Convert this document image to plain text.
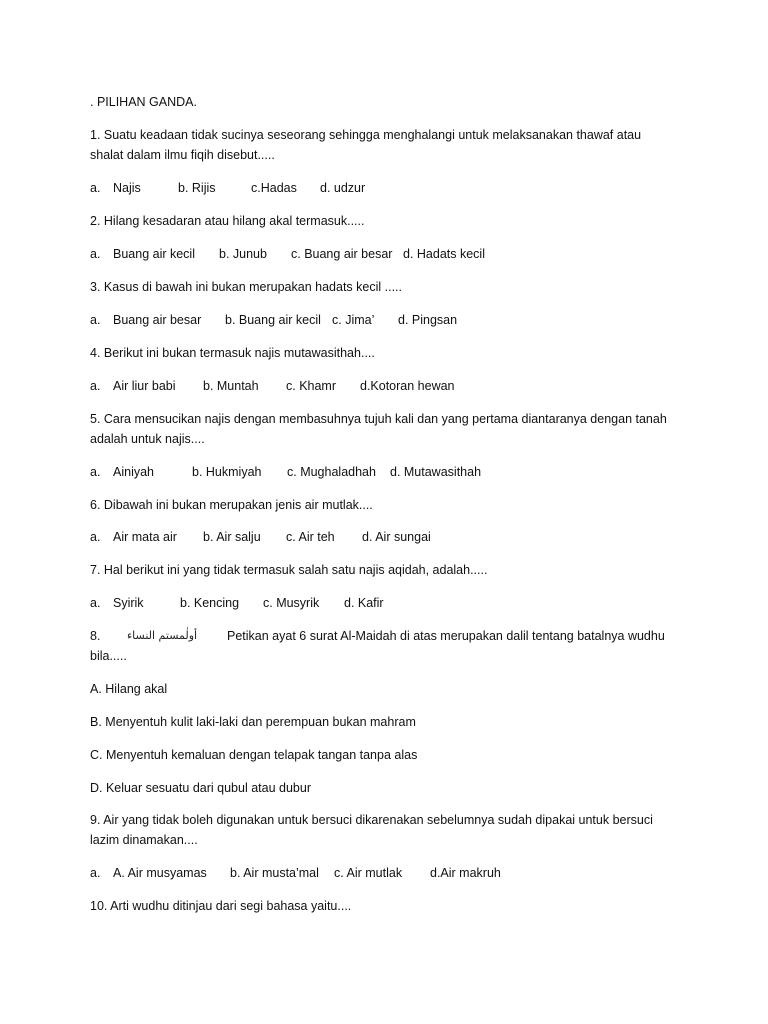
. PILIHAN GANDA.
1. Suatu keadaan tidak sucinya seseorang sehingga menghalangi untuk melaksanakan thawaf atau
shalat dalam ilmu fiqih disebut.....
a. Najis	b. Rijis	c.Hadas d. udzur
2. Hilang kesadaran atau hilang akal termasuk.....
a. Buang air kecil b. Junub c. Buang air besar d. Hadats kecil
3. Kasus di bawah ini bukan merupakan hadats kecil .....
a. Buang air besar b. Buang air kecil c. Jima’ d. Pingsan
4. Berikut ini bukan termasuk najis mutawasithah....
a. Air liur babi b. Muntah c. Khamr d.Kotoran hewan
5. Cara mensucikan najis dengan membasuhnya tujuh kali dan yang pertama diantaranya dengan tanah
adalah untuk najis....
a. Ainiyah	b. Hukmiyah c. Mughaladhah d. Mutawasithah
6. Dibawah ini bukan merupakan jenis air mutlak....
a. Air mata air b. Air salju c. Air teh d. Air sungai
7. Hal berikut ini yang tidak termasuk salah satu najis aqidah, adalah.....
a. Syirik	b. Kencing c. Musyrik d. Kafir
8. أولٰمستم النساء Petikan ayat 6 surat Al-Maidah di atas merupakan dalil tentang batalnya wudhu
bila.....
A. Hilang akal
B. Menyentuh kulit laki-laki dan perempuan bukan mahram
C. Menyentuh kemaluan dengan telapak tangan tanpa alas
D. Keluar sesuatu dari qubul atau dubur
9. Air yang tidak boleh digunakan untuk bersuci dikarenakan sebelumnya sudah dipakai untuk bersuci
lazim dinamakan....
a. A. Air musyamas b. Air musta’mal c. Air mutlak d.Air makruh
10. Arti wudhu ditinjau dari segi bahasa yaitu....
